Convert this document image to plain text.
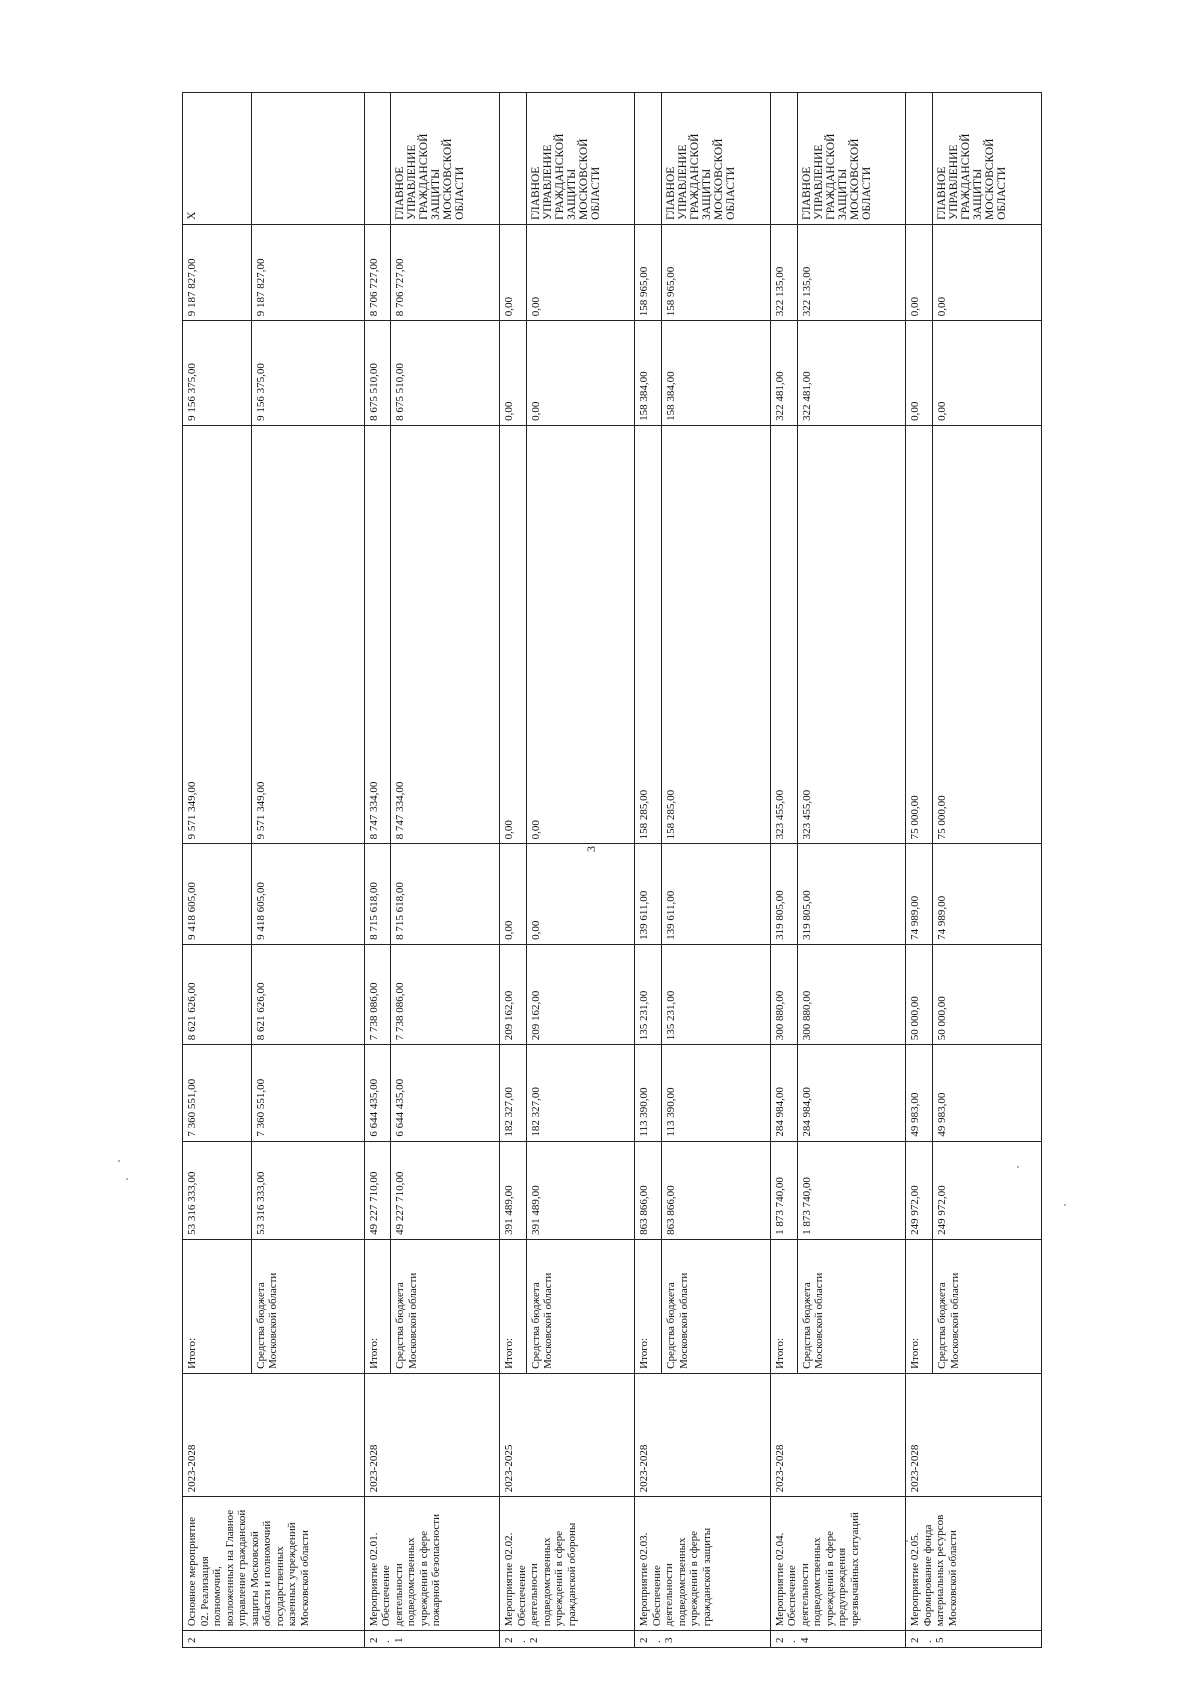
2	Основное мероприятие 02. Реализация полномочий, возложенных на Главное управление гражданской защиты Московской области и полномочий государственных казенных учреждений Московской области	2023-2028	Итого:	53 316 333,00	7 360 551,00	8 621 626,00	9 418 605,00	9 571 349,00	9 156 375,00	9 187 827,00	X
			Средства бюджета Московской области	53 316 333,00	7 360 551,00	8 621 626,00	9 418 605,00	9 571 349,00	9 156 375,00	9 187 827,00	
2.1	Мероприятие 02.01. Обеспечение деятельности подведомственных учреждений в сфере пожарной безопасности	2023-2028	Итого:	49 227 710,00	6 644 435,00	7 738 086,00	8 715 618,00	8 747 334,00	8 675 510,00	8 706 727,00	
			Средства бюджета Московской области	49 227 710,00	6 644 435,00	7 738 086,00	8 715 618,00	8 747 334,00	8 675 510,00	8 706 727,00	ГЛАВНОЕ УПРАВЛЕНИЕ ГРАЖДАНСКОЙ ЗАЩИТЫ МОСКОВСКОЙ ОБЛАСТИ
2.2	Мероприятие 02.02. Обеспечение деятельности подведомственных учреждений в сфере гражданской обороны	2023-2025	Итого:	391 489,00	182 327,00	209 162,00	0,00	0,00	0,00	0,00	
			Средства бюджета Московской области	391 489,00	182 327,00	209 162,00	0,00	0,00	0,00	0,00	ГЛАВНОЕ УПРАВЛЕНИЕ ГРАЖДАНСКОЙ ЗАЩИТЫ МОСКОВСКОЙ ОБЛАСТИ
2.3	Мероприятие 02.03. Обеспечение деятельности подведомственных учреждений в сфере гражданской защиты	2023-2028	Итого:	863 866,00	113 390,00	135 231,00	139 611,00	158 285,00	158 384,00	158 965,00	
			Средства бюджета Московской области	863 866,00	113 390,00	135 231,00	139 611,00	158 285,00	158 384,00	158 965,00	ГЛАВНОЕ УПРАВЛЕНИЕ ГРАЖДАНСКОЙ ЗАЩИТЫ МОСКОВСКОЙ ОБЛАСТИ
2.4	Мероприятие 02.04. Обеспечение деятельности подведомственных учреждений в сфере предупреждения чрезвычайных ситуаций	2023-2028	Итого:	1 873 740,00	284 984,00	300 880,00	319 805,00	323 455,00	322 481,00	322 135,00	
			Средства бюджета Московской области	1 873 740,00	284 984,00	300 880,00	319 805,00	323 455,00	322 481,00	322 135,00	ГЛАВНОЕ УПРАВЛЕНИЕ ГРАЖДАНСКОЙ ЗАЩИТЫ МОСКОВСКОЙ ОБЛАСТИ
2.5	Мероприятие 02.05. Формирование фонда материальных ресурсов Московской области	2023-2028	Итого:	249 972,00	49 983,00	50 000,00	74 989,00	75 000,00	0,00	0,00	
			Средства бюджета Московской области	249 972,00	49 983,00	50 000,00	74 989,00	75 000,00	0,00	0,00	ГЛАВНОЕ УПРАВЛЕНИЕ ГРАЖДАНСКОЙ ЗАЩИТЫ МОСКОВСКОЙ ОБЛАСТИ
3
